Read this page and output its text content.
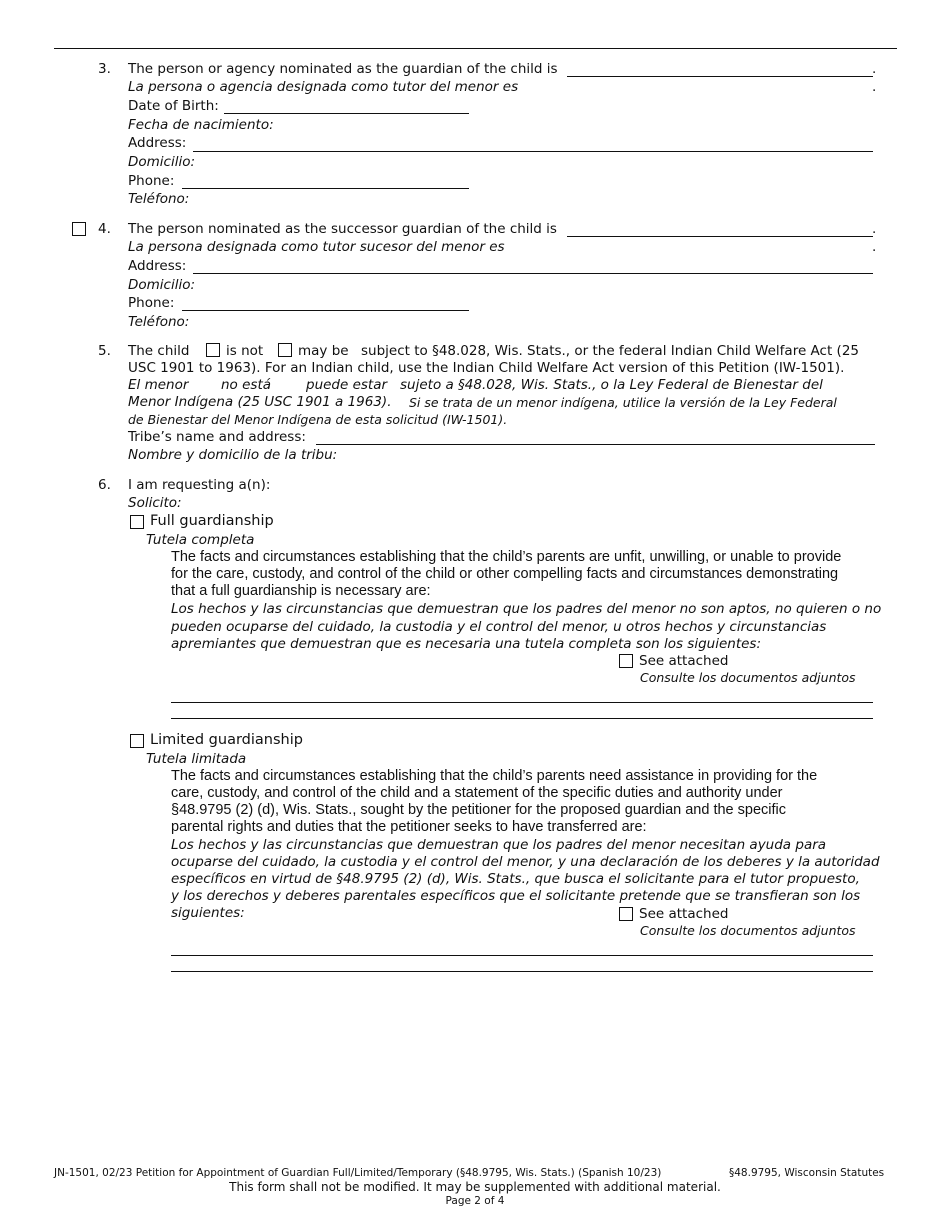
3. The person or agency nominated as the guardian of the child is	.
La persona o agencia designada como tutor del menor es	.
Date of Birth:
Fecha de nacimiento:
Address:
Domicilio:
Phone:
Teléfono:
4. The person nominated as the successor guardian of the child is	.
La persona designada como tutor sucesor del menor es	.
Address:
Domicilio:
Phone:
Teléfono:
5. The child	is not	may be subject to §48.028, Wis. Stats., or the federal Indian Child Welfare Act (25
USC 1901 to 1963). For an Indian child, use the Indian Child Welfare Act version of this Petition (IW-1501).
El menor no está	puede estar sujeto a §48.028, Wis. Stats., o la Ley Federal de Bienestar del
Menor Indígena (25 USC 1901 a 1963). Si se trata de un menor indígena, utilice la versión de la Ley Federal
de Bienestar del Menor Indígena de esta solicitud (IW-1501).
Tribe’s name and address:
Nombre y domicilio de la tribu:
6. I am requesting a(n):
Solicito:
Full guardianship
Tutela completa
The facts and circumstances establishing that the child’s parents are unfit, unwilling, or unable to provide
for the care, custody, and control of the child or other compelling facts and circumstances demonstrating
that a full guardianship is necessary are:
Los hechos y las circunstancias que demuestran que los padres del menor no son aptos, no quieren o no
pueden ocuparse del cuidado, la custodia y el control del menor, u otros hechos y circunstancias
apremiantes que demuestran que es necesaria una tutela completa son los siguientes:
See attached
Consulte los documentos adjuntos
Limited guardianship
Tutela limitada
The facts and circumstances establishing that the child’s parents need assistance in providing for the
care, custody, and control of the child and a statement of the specific duties and authority under
§48.9795 (2) (d), Wis. Stats., sought by the petitioner for the proposed guardian and the specific
parental rights and duties that the petitioner seeks to have transferred are:
Los hechos y las circunstancias que demuestran que los padres del menor necesitan ayuda para
ocuparse del cuidado, la custodia y el control del menor, y una declaración de los deberes y la autoridad
específicos en virtud de §48.9795 (2) (d), Wis. Stats., que busca el solicitante para el tutor propuesto,
y los derechos y deberes parentales específicos que el solicitante pretende que se transfieran son los
siguientes:	See attached
Consulte los documentos adjuntos
JN-1501, 02/23 Petition for Appointment of Guardian Full/Limited/Temporary (§48.9795, Wis. Stats.) (Spanish 10/23)	§48.9795, Wisconsin Statutes
This form shall not be modified. It may be supplemented with additional material.
Page 2 of 4
